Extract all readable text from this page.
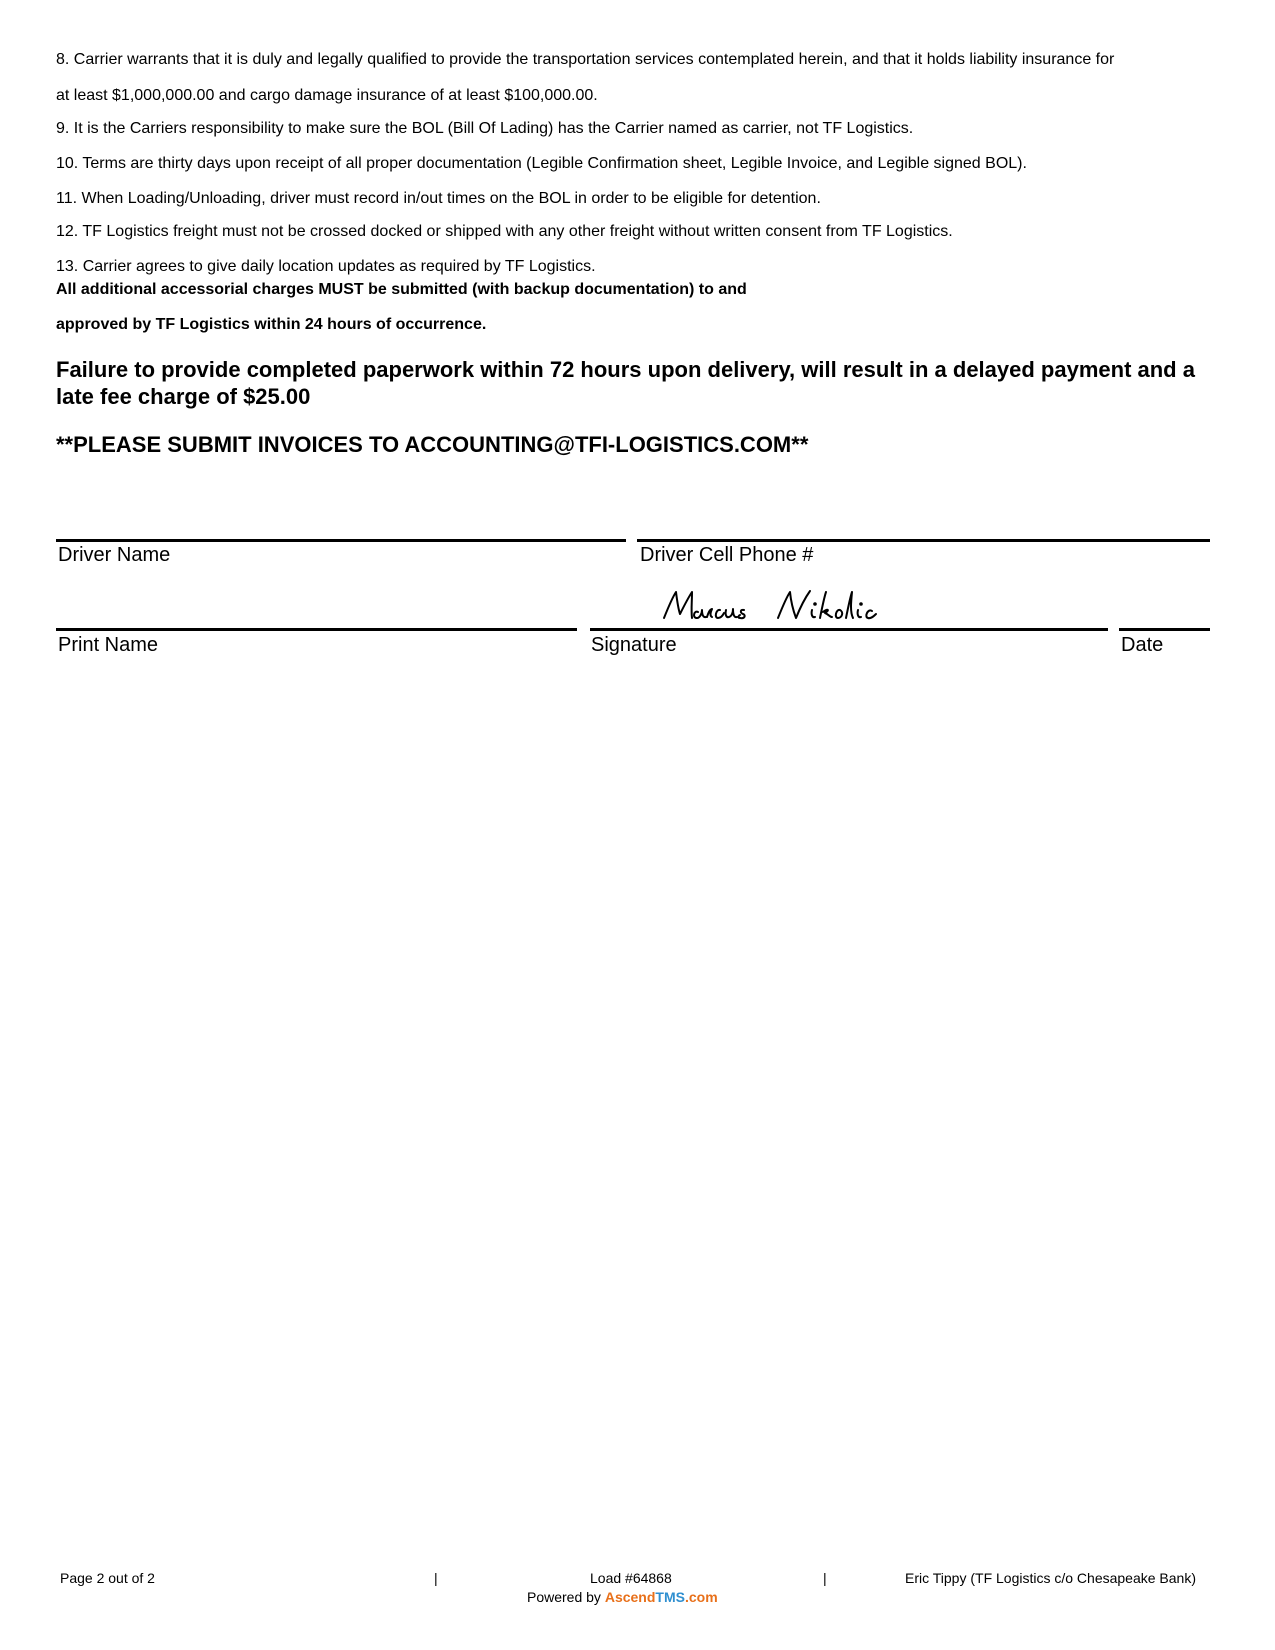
8. Carrier warrants that it is duly and legally qualified to provide the transportation services contemplated herein, and that it holds liability insurance for
at least $1,000,000.00 and cargo damage insurance of at least $100,000.00.
9. It is the Carriers responsibility to make sure the BOL (Bill Of Lading) has the Carrier named as carrier, not TF Logistics.
10. Terms are thirty days upon receipt of all proper documentation (Legible Confirmation sheet, Legible Invoice, and Legible signed BOL).
11. When Loading/Unloading, driver must record in/out times on the BOL in order to be eligible for detention.
12. TF Logistics freight must not be crossed docked or shipped with any other freight without written consent from TF Logistics.
13. Carrier agrees to give daily location updates as required by TF Logistics.
All additional accessorial charges MUST be submitted (with backup documentation) to and
approved by TF Logistics within 24 hours of occurrence.
Failure to provide completed paperwork within 72 hours upon delivery, will result in a delayed payment and a late fee charge of $25.00
**PLEASE SUBMIT INVOICES TO ACCOUNTING@TFI-LOGISTICS.COM**
Driver Name	Driver Cell Phone #
Print Name	Signature	Date
Page 2 out of 2	|	Load #64868	|	Eric Tippy (TF Logistics c/o Chesapeake Bank)
Powered by AscendTMS.com
